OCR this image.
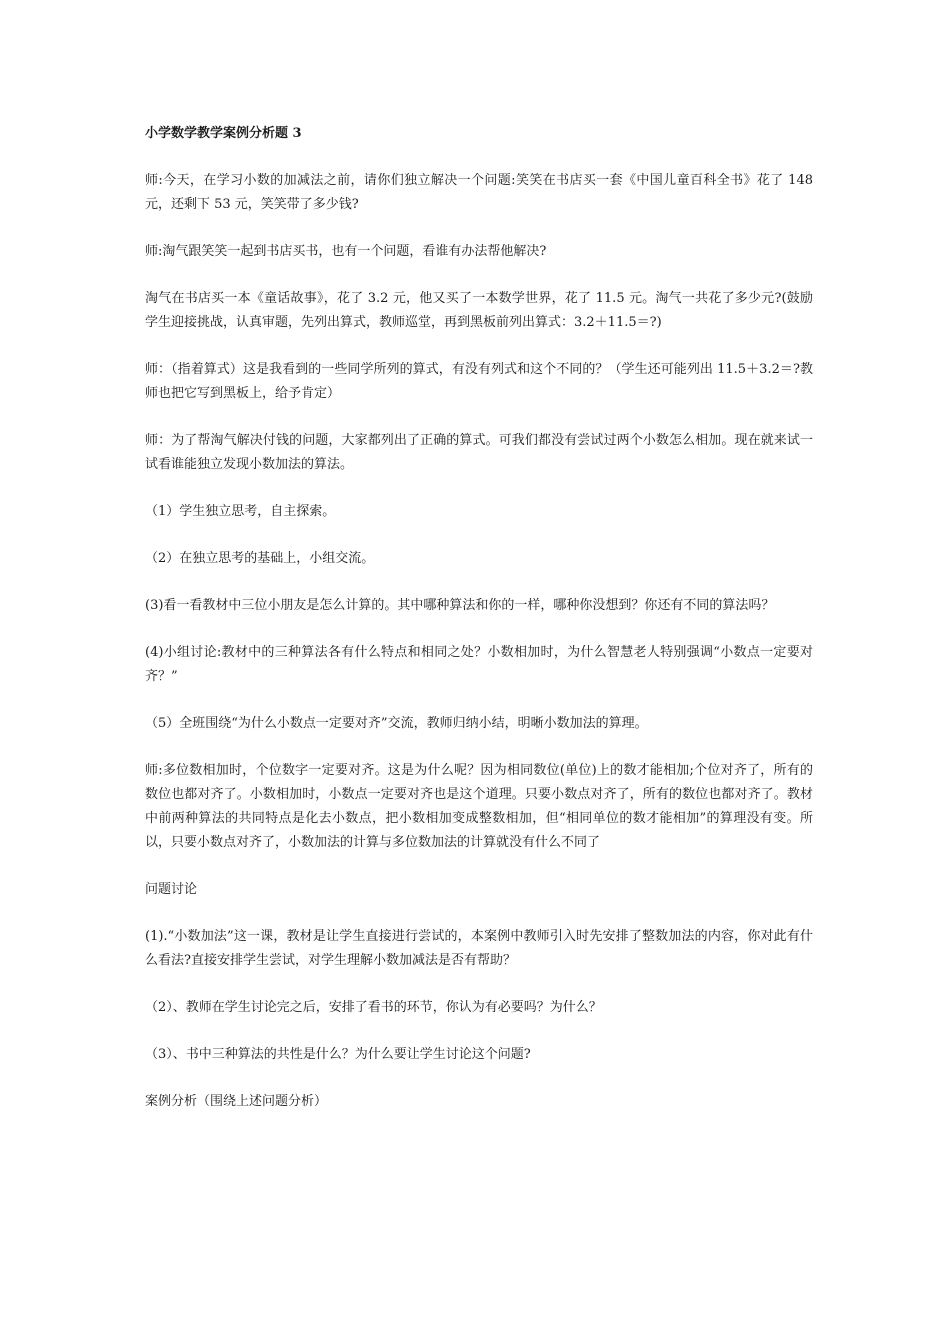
小学数学教学案例分析题 3

师:今天，在学习小数的加减法之前，请你们独立解决一个问题:笑笑在书店买一套《中国儿童百科全书》花了 148 元，还剩下 53 元，笑笑带了多少钱?

师:淘气跟笑笑一起到书店买书，也有一个问题，看谁有办法帮他解决?

淘气在书店买一本《童话故事》，花了 3.2 元，他又买了一本数学世界，花了 11.5 元。淘气一共花了多少元?(鼓励学生迎接挑战，认真审题，先列出算式，教师巡堂，再到黑板前列出算式：3.2＋11.5＝?)

师：（指着算式）这是我看到的一些同学所列的算式，有没有列式和这个不同的？（学生还可能列出 11.5＋3.2＝?教师也把它写到黑板上，给予肯定）

师：为了帮淘气解决付钱的问题，大家都列出了正确的算式。可我们都没有尝试过两个小数怎么相加。现在就来试一试看谁能独立发现小数加法的算法。

（1）学生独立思考，自主探索。

（2）在独立思考的基础上，小组交流。

(3)看一看教材中三位小朋友是怎么计算的。其中哪种算法和你的一样，哪种你没想到？你还有不同的算法吗？

(4)小组讨论:教材中的三种算法各有什么特点和相同之处？小数相加时，为什么智慧老人特别强调“小数点一定要对齐？”

（5）全班围绕“为什么小数点一定要对齐”交流，教师归纳小结，明晰小数加法的算理。

师:多位数相加时，个位数字一定要对齐。这是为什么呢？因为相同数位(单位)上的数才能相加;个位对齐了，所有的数位也都对齐了。小数相加时，小数点一定要对齐也是这个道理。只要小数点对齐了，所有的数位也都对齐了。教材中前两种算法的共同特点是化去小数点，把小数相加变成整数相加，但“相同单位的数才能相加”的算理没有变。所以，只要小数点对齐了，小数加法的计算与多位数加法的计算就没有什么不同了

问题讨论

(1).“小数加法”这一课，教材是让学生直接进行尝试的，本案例中教师引入时先安排了整数加法的内容，你对此有什么看法?直接安排学生尝试，对学生理解小数加减法是否有帮助？

（2）、教师在学生讨论完之后，安排了看书的环节，你认为有必要吗？为什么？

（3）、书中三种算法的共性是什么？为什么要让学生讨论这个问题?

案例分析（围绕上述问题分析）
